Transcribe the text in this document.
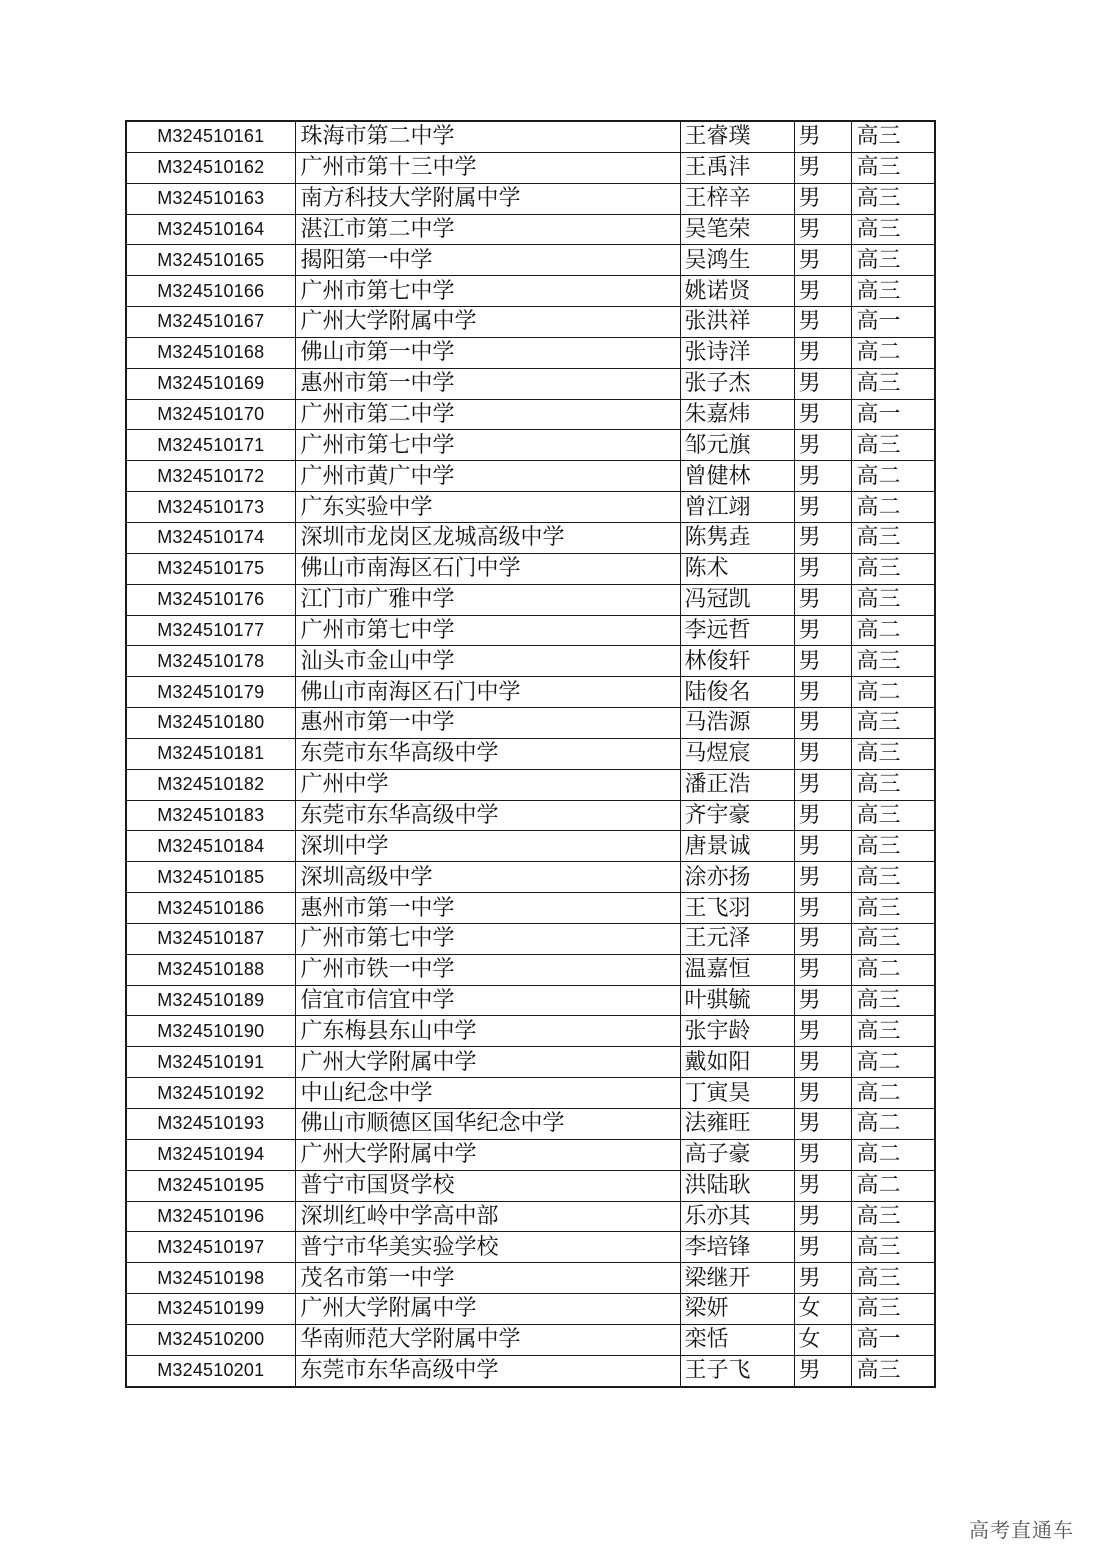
M324510161	珠海市第二中学	王睿璞	男	高三
M324510162	广州市第十三中学	王禹沣	男	高三
M324510163	南方科技大学附属中学	王梓辛	男	高三
M324510164	湛江市第二中学	吴笔荣	男	高三
M324510165	揭阳第一中学	吴鸿生	男	高三
M324510166	广州市第七中学	姚诺贤	男	高三
M324510167	广州大学附属中学	张洪祥	男	高一
M324510168	佛山市第一中学	张诗洋	男	高二
M324510169	惠州市第一中学	张子杰	男	高三
M324510170	广州市第二中学	朱嘉炜	男	高一
M324510171	广州市第七中学	邹元旗	男	高三
M324510172	广州市黄广中学	曾健林	男	高二
M324510173	广东实验中学	曾江翊	男	高二
M324510174	深圳市龙岗区龙城高级中学	陈隽垚	男	高三
M324510175	佛山市南海区石门中学	陈术	男	高三
M324510176	江门市广雅中学	冯冠凯	男	高三
M324510177	广州市第七中学	李远哲	男	高二
M324510178	汕头市金山中学	林俊轩	男	高三
M324510179	佛山市南海区石门中学	陆俊名	男	高二
M324510180	惠州市第一中学	马浩源	男	高三
M324510181	东莞市东华高级中学	马煜宸	男	高三
M324510182	广州中学	潘正浩	男	高三
M324510183	东莞市东华高级中学	齐宇豪	男	高三
M324510184	深圳中学	唐景诚	男	高三
M324510185	深圳高级中学	涂亦扬	男	高三
M324510186	惠州市第一中学	王飞羽	男	高三
M324510187	广州市第七中学	王元泽	男	高三
M324510188	广州市铁一中学	温嘉恒	男	高二
M324510189	信宜市信宜中学	叶骐毓	男	高三
M324510190	广东梅县东山中学	张宇龄	男	高三
M324510191	广州大学附属中学	戴如阳	男	高二
M324510192	中山纪念中学	丁寅昊	男	高二
M324510193	佛山市顺德区国华纪念中学	法雍旺	男	高二
M324510194	广州大学附属中学	高子豪	男	高二
M324510195	普宁市国贤学校	洪陆耿	男	高二
M324510196	深圳红岭中学高中部	乐亦其	男	高三
M324510197	普宁市华美实验学校	李培锋	男	高三
M324510198	茂名市第一中学	梁继开	男	高三
M324510199	广州大学附属中学	梁妍	女	高三
M324510200	华南师范大学附属中学	栾恬	女	高一
M324510201	东莞市东华高级中学	王子飞	男	高三
高考直通车
